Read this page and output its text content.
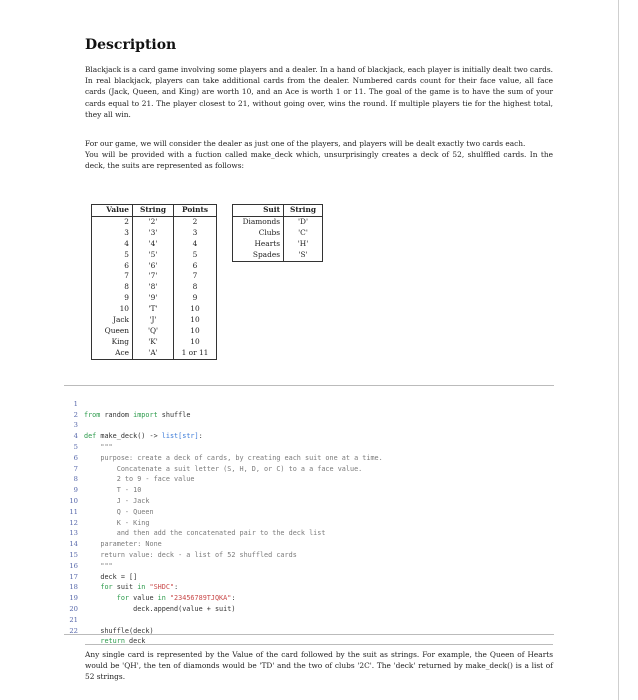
Description
Blackjack is a card game involving some players and a dealer. In a hand of blackjack, each player is initially dealt two cards. In real blackjack, players can take additional cards from the dealer. Numbered cards count for their face value, all face cards (Jack, Queen, and King) are worth 10, and an Ace is worth 1 or 11. The goal of the game is to have the sum of your cards equal to 21. The player closest to 21, without going over, wins the round. If multiple players tie for the highest total, they all win.
For our game, we will consider the dealer as just one of the players, and players will be dealt exactly two cards each.
You will be provided with a fuction called make_deck which, unsurprisingly creates a deck of 52, shulffled cards. In the deck, the suits are represented as follows:
Value	String	Points
2	'2'	2
3	'3'	3
4	'4'	4
5	'5'	5
6	'6'	6
7	'7'	7
8	'8'	8
9	'9'	9
10	'T'	10
Jack	'J'	10
Queen	'Q'	10
King	'K'	10
Ace	'A'	1 or 11
Suit	String
Diamonds	'D'
Clubs	'C'
Hearts	'H'
Spades	'S'

1

from random import shuffle

2

3

def make_deck() -> list[str]:

4

"""

5

purpose: create a deck of cards, by creating each suit one at a time.

6

Concatenate a suit letter (S, H, D, or C) to a a face value.

7

2 to 9 - face value

8

T - 10

9

J - Jack

10

Q - Queen

11

K - King

12

and then add the concatenated pair to the deck list

13

parameter: None

14

return value: deck - a list of 52 shuffled cards

15

"""

16

deck = []

17

for suit in "SHDC":

18

for value in "23456789TJQKA":

19

deck.append(value + suit)

20

21

shuffle(deck)

22

return deck

Any single card is represented by the Value of the card followed by the suit as strings. For example, the Queen of Hearts would be 'QH', the ten of diamonds would be 'TD' and the two of clubs '2C'. The 'deck' returned by make_deck() is a list of 52 strings.
